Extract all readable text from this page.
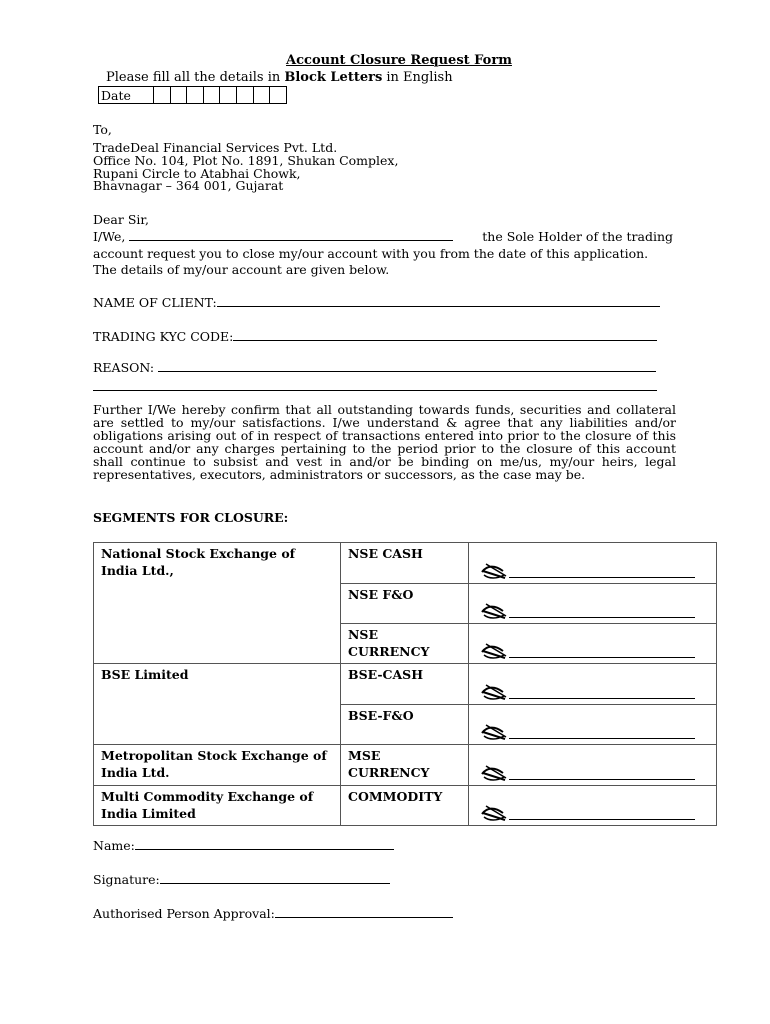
Account Closure Request Form
Please fill all the details in Block Letters in English
Date								
To,
TradeDeal Financial Services Pvt. Ltd.
Office No. 104, Plot No. 1891, Shukan Complex,
Rupani Circle to Atabhai Chowk,
Bhavnagar – 364 001, Gujarat
Dear Sir,
I/We,	the Sole Holder of the trading
account request you to close my/our account with you from the date of this application.
The details of my/our account are given below.
NAME OF CLIENT:
TRADING KYC CODE:
REASON:
Further I/We hereby confirm that all outstanding towards funds, securities and collateral are settled to my/our satisfactions. I/we understand & agree that any liabilities and/or obligations arising out of in respect of transactions entered into prior to the closure of this account and/or any charges pertaining to the period prior to the closure of this account shall continue to subsist and vest in and/or be binding on me/us, my/our heirs, legal representatives, executors, administrators or successors, as the case may be.
SEGMENTS FOR CLOSURE:
National Stock Exchange of India Ltd.,	NSE CASH	

	NSE F&O	

	NSE CURRENCY	

BSE Limited	BSE-CASH	

	BSE-F&O	

Metropolitan Stock Exchange of India Ltd.	MSE CURRENCY	

Multi Commodity Exchange of India Limited	COMMODITY	
Name:
Signature:
Authorised Person Approval:
